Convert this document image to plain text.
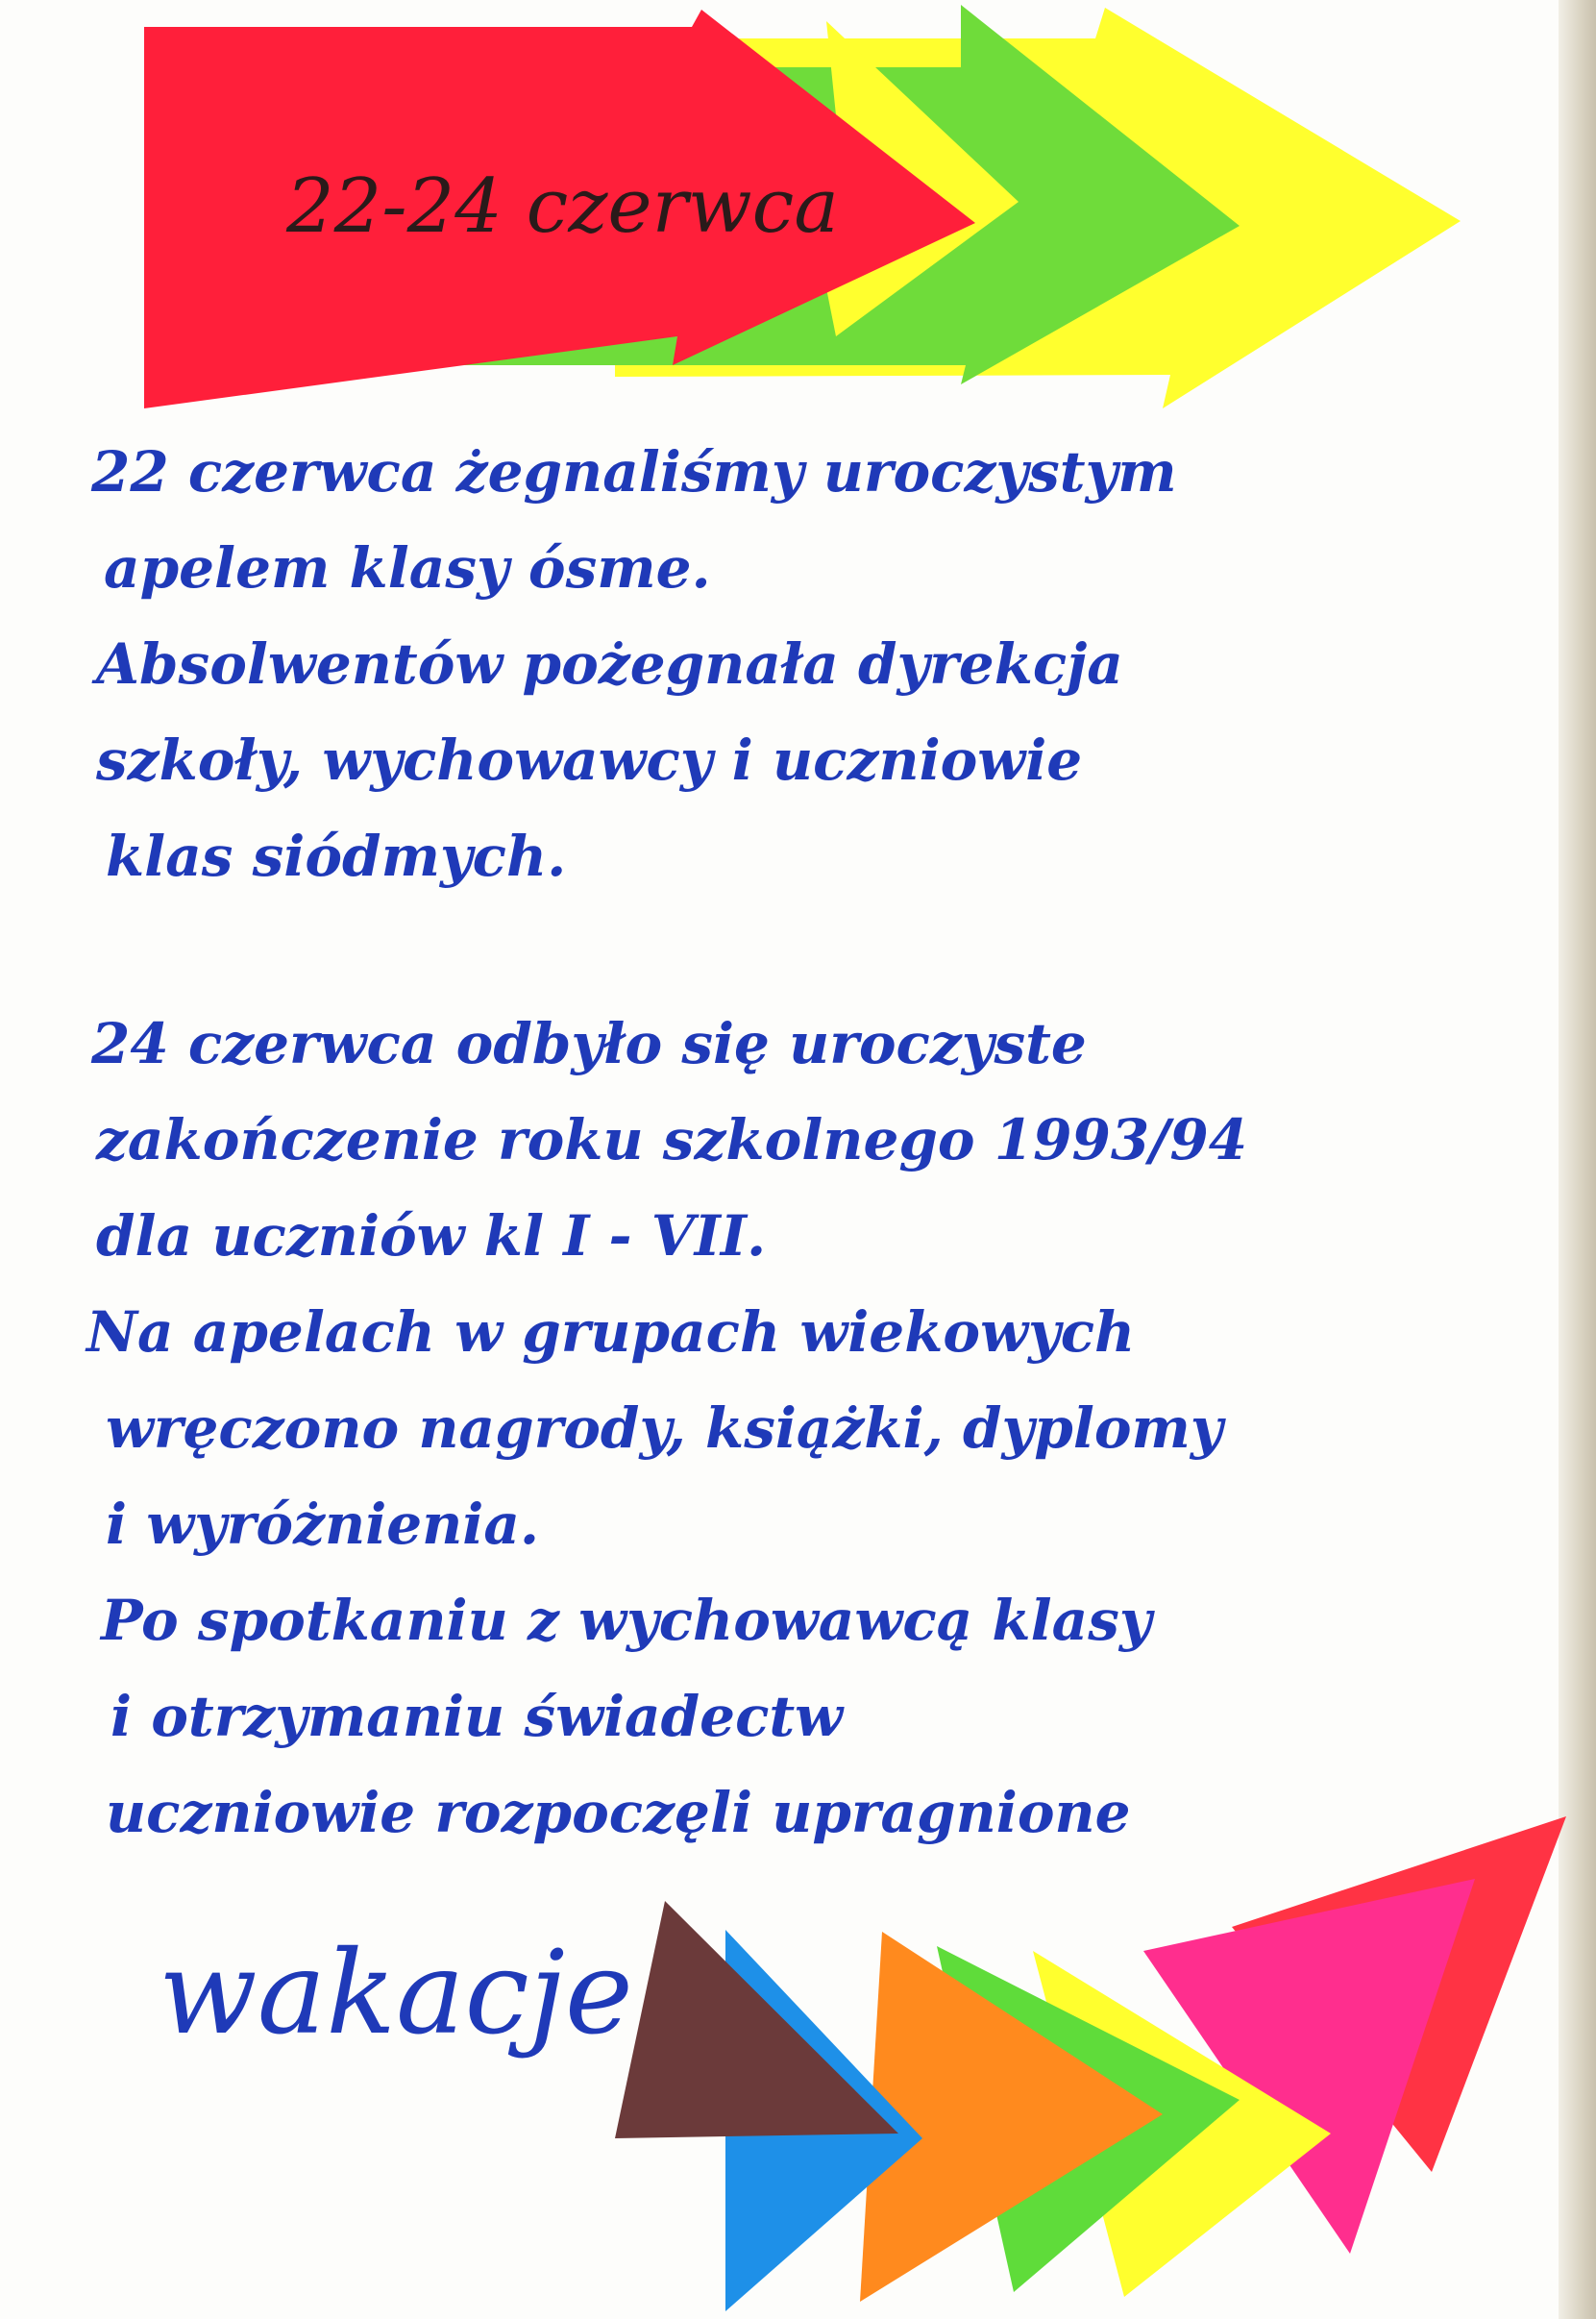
22-24 czerwca
22 czerwca żegnaliśmy uroczystym
apelem klasy ósme.
Absolwentów pożegnała dyrekcja
szkoły, wychowawcy i uczniowie
klas siódmych.
24 czerwca odbyło się uroczyste
zakończenie roku szkolnego 1993/94
dla uczniów kl I - VII.
Na apelach w grupach wiekowych
wręczono nagrody, książki, dyplomy
i wyróżnienia.
Po spotkaniu z wychowawcą klasy
i otrzymaniu świadectw
uczniowie rozpoczęli upragnione
wakacje
